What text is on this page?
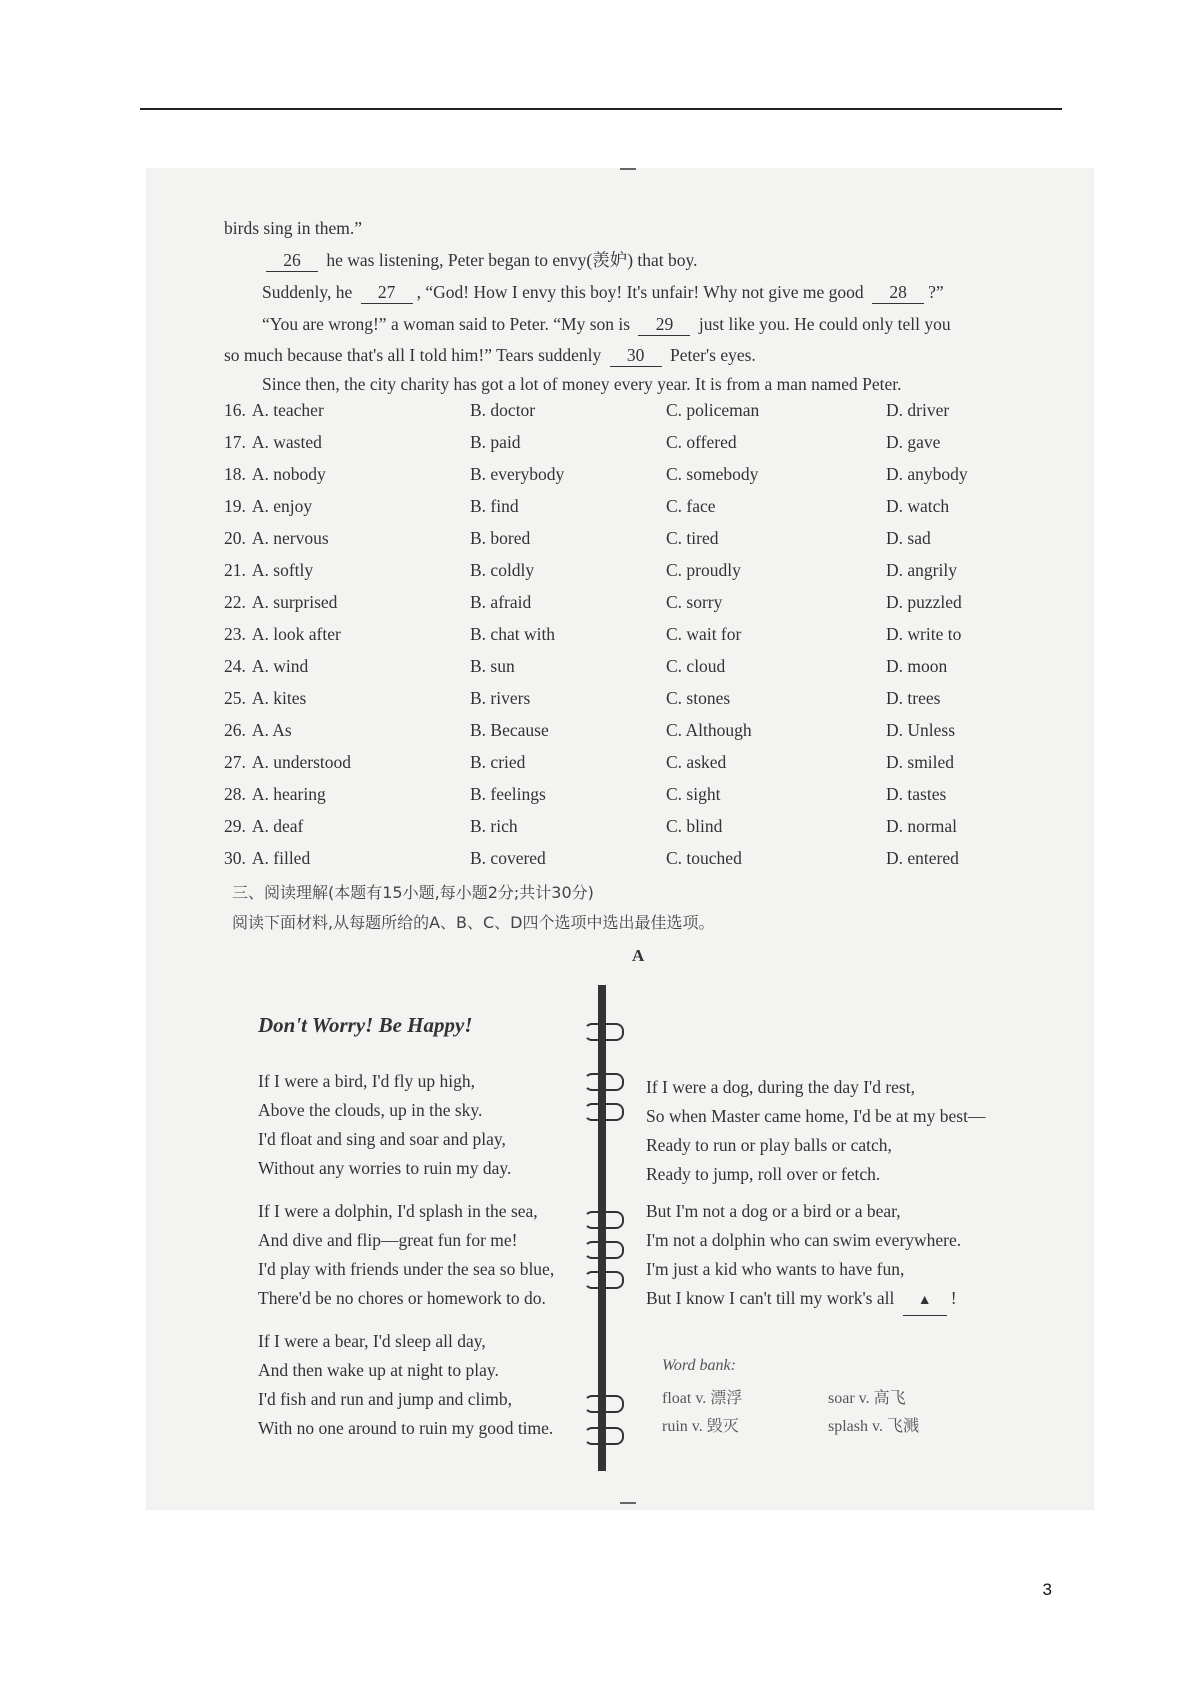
birds sing in them.”
26 he was listening, Peter began to envy(羡妒) that boy.
Suddenly, he 27 , “God! How I envy this boy! It's unfair! Why not give me good 28 ?”
“You are wrong!” a woman said to Peter. “My son is 29 just like you. He could only tell you
so much because that's all I told him!” Tears suddenly 30 Peter's eyes.
Since then, the city charity has got a lot of money every year. It is from a man named Peter.
16. A. teacher	B. doctor	C. policeman	D. driver
17. A. wasted	B. paid	C. offered	D. gave
18. A. nobody	B. everybody	C. somebody	D. anybody
19. A. enjoy	B. find	C. face	D. watch
20. A. nervous	B. bored	C. tired	D. sad
21. A. softly	B. coldly	C. proudly	D. angrily
22. A. surprised	B. afraid	C. sorry	D. puzzled
23. A. look after	B. chat with	C. wait for	D. write to
24. A. wind	B. sun	C. cloud	D. moon
25. A. kites	B. rivers	C. stones	D. trees
26. A. As	B. Because	C. Although	D. Unless
27. A. understood	B. cried	C. asked	D. smiled
28. A. hearing	B. feelings	C. sight	D. tastes
29. A. deaf	B. rich	C. blind	D. normal
30. A. filled	B. covered	C. touched	D. entered
三、阅读理解(本题有15小题,每小题2分;共计30分)
阅读下面材料,从每题所给的A、B、C、D四个选项中选出最佳选项。
A
Don't Worry! Be Happy!
If I were a bird, I'd fly up high,
Above the clouds, up in the sky.
I'd float and sing and soar and play,
Without any worries to ruin my day.
If I were a dolphin, I'd splash in the sea,
And dive and flip—great fun for me!
I'd play with friends under the sea so blue,
There'd be no chores or homework to do.
If I were a bear, I'd sleep all day,
And then wake up at night to play.
I'd fish and run and jump and climb,
With no one around to ruin my good time.
If I were a dog, during the day I'd rest,
So when Master came home, I'd be at my best—
Ready to run or play balls or catch,
Ready to jump, roll over or fetch.
But I'm not a dog or a bird or a bear,
I'm not a dolphin who can swim everywhere.
I'm just a kid who wants to have fun,
But I know I can't till my work's all ▲ !
Word bank:
float v. 漂浮	soar v. 高飞
ruin v. 毁灭	splash v. 飞溅
3
